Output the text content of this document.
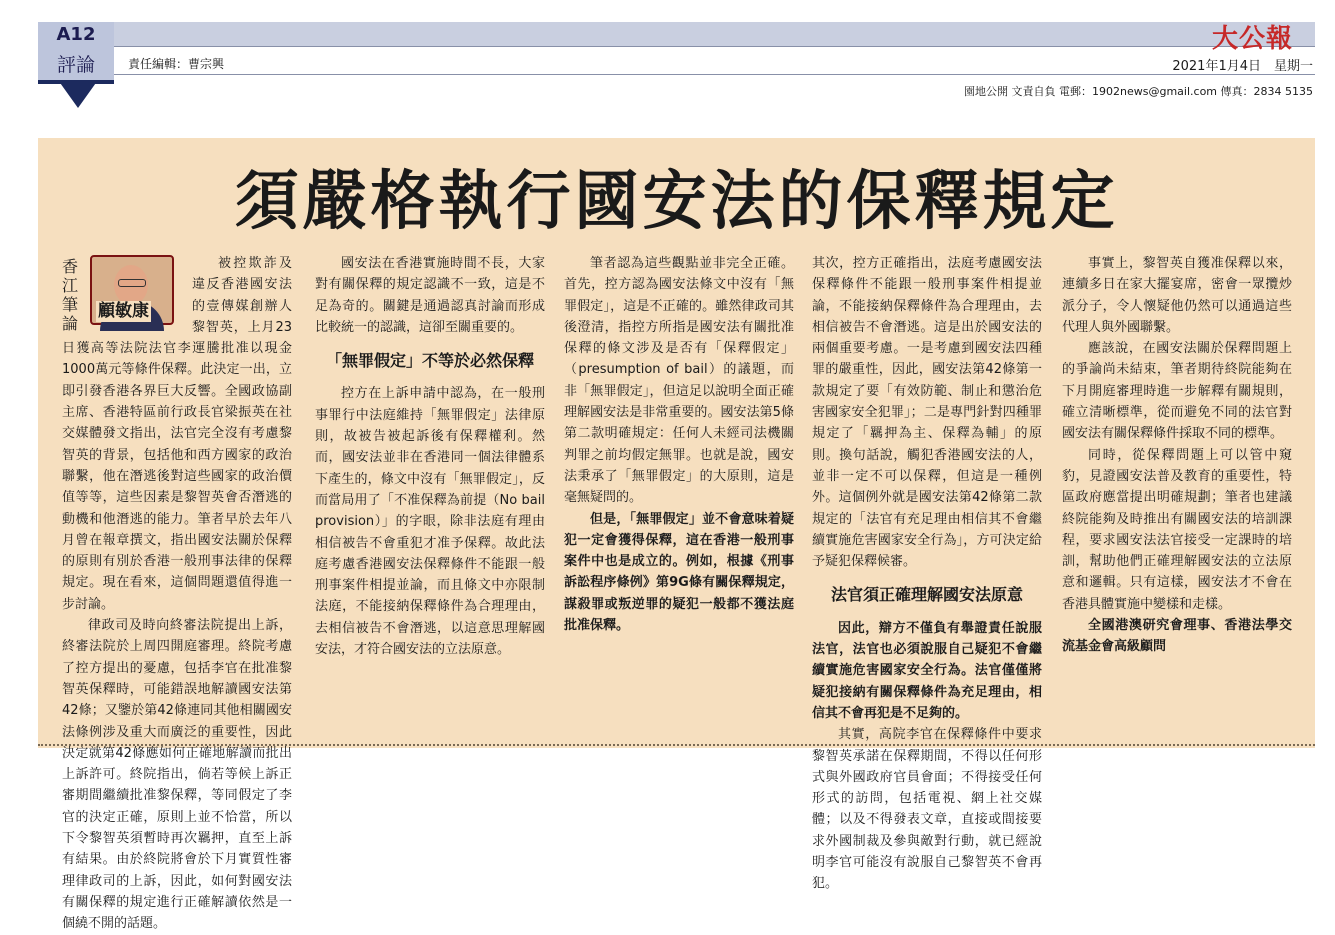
A12
評論	責任編輯：曹宗興
大公報
2021年1月4日　星期一
園地公開 文責自負 電郵：1902news@gmail.com 傳真：2834 5135
須嚴格執行國安法的保釋規定
香江筆論
顧敏康

被控欺詐及違反香港國安法的壹傳媒創辦人黎智英，上月23日獲高等法院法官李運騰批准以現金1000萬元等條件保釋。此決定一出，立即引發香港各界巨大反響。全國政協副主席、香港特區前行政長官梁振英在社交媒體發文指出，法官完全沒有考慮黎智英的背景，包括他和西方國家的政治聯繫，他在潛逃後對這些國家的政治價值等等，這些因素是黎智英會否潛逃的動機和他潛逃的能力。筆者早於去年八月曾在報章撰文，指出國安法關於保釋的原則有別於香港一般刑事法律的保釋規定。現在看來，這個問題還值得進一步討論。

律政司及時向終審法院提出上訴，終審法院於上周四開庭審理。終院考慮了控方提出的憂慮，包括李官在批准黎智英保釋時，可能錯誤地解讀國安法第42條；又鑒於第42條連同其他相關國安法條例涉及重大而廣泛的重要性，因此決定就第42條應如何正確地解讀而批出上訴許可。終院指出，倘若等候上訴正審期間繼續批准黎保釋，等同假定了李官的決定正確，原則上並不恰當，所以下令黎智英須暫時再次羈押，直至上訴有結果。由於終院將會於下月實質性審理律政司的上訴，因此，如何對國安法有關保釋的規定進行正確解讀依然是一個繞不開的話題。

國安法在香港實施時間不長，大家對有關保釋的規定認識不一致，這是不足為奇的。關鍵是通過認真討論而形成比較統一的認識，這卻至關重要的。

「無罪假定」不等於必然保釋

控方在上訴申請中認為，在一般刑事罪行中法庭維持「無罪假定」法律原則，故被告被起訴後有保釋權利。然而，國安法並非在香港同一個法律體系下產生的，條文中沒有「無罪假定」，反而當局用了「不准保釋為前提（No bail provision）」的字眼，除非法庭有理由相信被告不會重犯才准予保釋。故此法庭考慮香港國安法保釋條件不能跟一般刑事案件相提並論，而且條文中亦限制法庭，不能接納保釋條件為合理理由，去相信被告不會潛逃，以這意思理解國安法，才符合國安法的立法原意。

筆者認為這些觀點並非完全正確。首先，控方認為國安法條文中沒有「無罪假定」，這是不正確的。雖然律政司其後澄清，指控方所指是國安法有關批准保釋的條文涉及是否有「保釋假定」（presumption of bail）的議題，而非「無罪假定」，但這足以說明全面正確理解國安法是非常重要的。國安法第5條第二款明確規定：任何人未經司法機關判罪之前均假定無罪。也就是說，國安法秉承了「無罪假定」的大原則，這是毫無疑問的。

但是，「無罪假定」並不會意味着疑犯一定會獲得保釋，這在香港一般刑事案件中也是成立的。例如，根據《刑事訴訟程序條例》第9G條有關保釋規定，謀殺罪或叛逆罪的疑犯一般都不獲法庭批准保釋。

其次，控方正確指出，法庭考慮國安法保釋條件不能跟一般刑事案件相提並論，不能接納保釋條件為合理理由，去相信被告不會潛逃。這是出於國安法的兩個重要考慮。一是考慮到國安法四種罪的嚴重性，因此，國安法第42條第一款規定了要「有效防範、制止和懲治危害國家安全犯罪」；二是專門針對四種罪規定了「羈押為主、保釋為輔」的原則。換句話說，觸犯香港國安法的人，並非一定不可以保釋，但這是一種例外。這個例外就是國安法第42條第二款規定的「法官有充足理由相信其不會繼續實施危害國家安全行為」，方可決定給予疑犯保釋候審。

法官須正確理解國安法原意

因此，辯方不僅負有舉證責任說服法官，法官也必須說服自己疑犯不會繼續實施危害國家安全行為。法官僅僅將疑犯接納有關保釋條件為充足理由，相信其不會再犯是不足夠的。

其實，高院李官在保釋條件中要求黎智英承諾在保釋期間，不得以任何形式與外國政府官員會面；不得接受任何形式的訪問，包括電視、網上社交媒體；以及不得發表文章，直接或間接要求外國制裁及參與敵對行動，就已經說明李官可能沒有說服自己黎智英不會再犯。

事實上，黎智英自獲准保釋以來，連續多日在家大擺宴席，密會一眾攬炒派分子，令人懷疑他仍然可以通過這些代理人與外國聯繫。

應該說，在國安法關於保釋問題上的爭論尚未結束，筆者期待終院能夠在下月開庭審理時進一步解釋有關規則，確立清晰標準，從而避免不同的法官對國安法有關保釋條件採取不同的標準。

同時，從保釋問題上可以管中窺豹，見證國安法普及教育的重要性，特區政府應當提出明確規劃；筆者也建議終院能夠及時推出有關國安法的培訓課程，要求國安法法官接受一定課時的培訓，幫助他們正確理解國安法的立法原意和邏輯。只有這樣，國安法才不會在香港具體實施中變樣和走樣。

全國港澳研究會理事、香港法學交流基金會高級顧問
